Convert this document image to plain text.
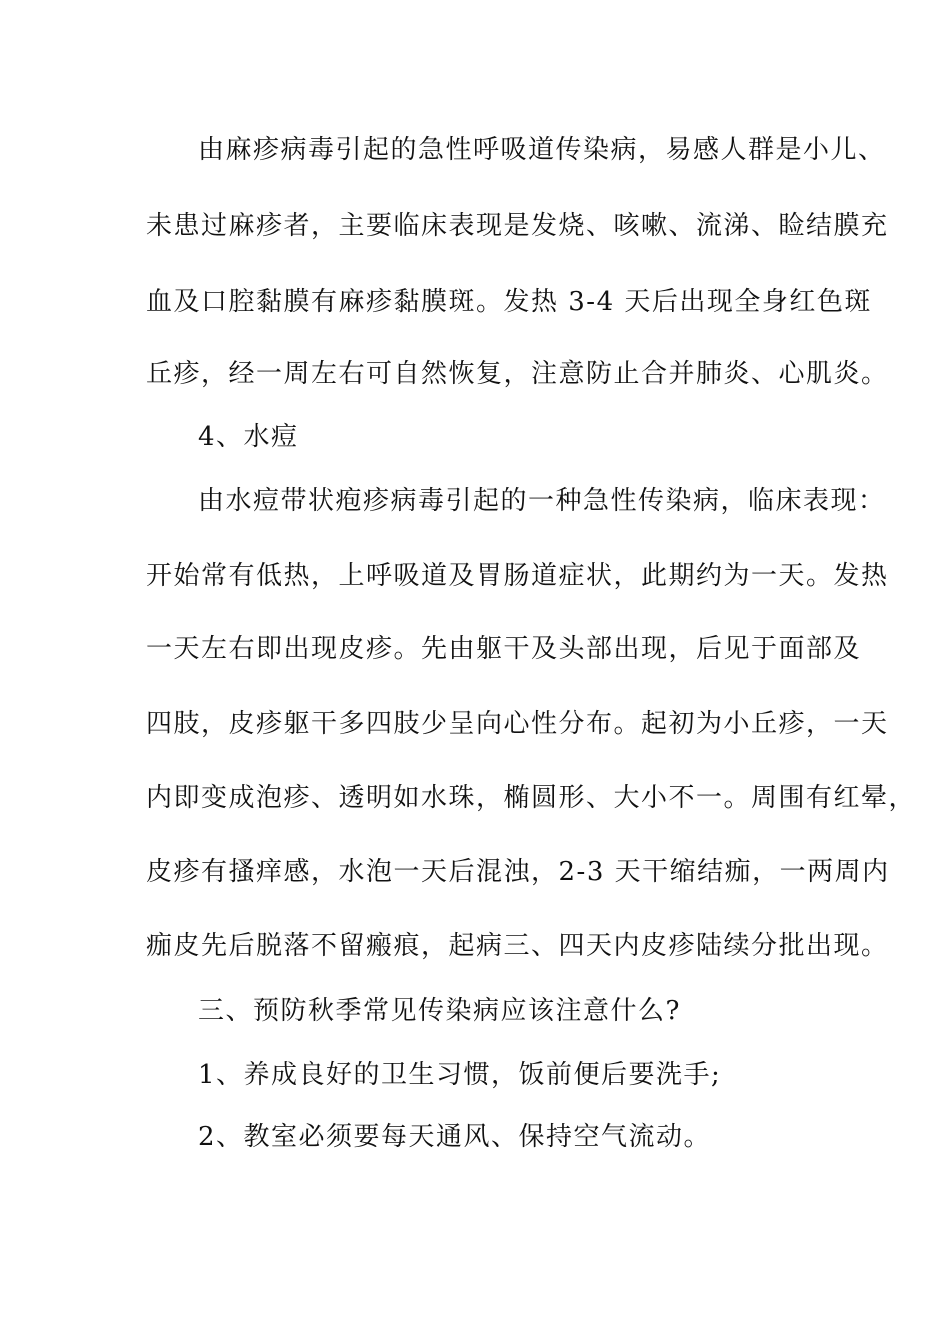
由麻疹病毒引起的急性呼吸道传染病，易感人群是小儿、
未患过麻疹者，主要临床表现是发烧、咳嗽、流涕、睑结膜充
血及口腔黏膜有麻疹黏膜斑。发热 3-4 天后出现全身红色斑
丘疹，经一周左右可自然恢复，注意防止合并肺炎、心肌炎。
4、水痘
由水痘带状疱疹病毒引起的一种急性传染病，临床表现：
开始常有低热，上呼吸道及胃肠道症状，此期约为一天。发热
一天左右即出现皮疹。先由躯干及头部出现，后见于面部及
四肢，皮疹躯干多四肢少呈向心性分布。起初为小丘疹，一天
内即变成泡疹、透明如水珠，椭圆形、大小不一。周围有红晕，
皮疹有搔痒感，水泡一天后混浊，2-3 天干缩结痂，一两周内
痂皮先后脱落不留瘢痕，起病三、四天内皮疹陆续分批出现。
三、预防秋季常见传染病应该注意什么?
1、养成良好的卫生习惯，饭前便后要洗手;
2、教室必须要每天通风、保持空气流动。
